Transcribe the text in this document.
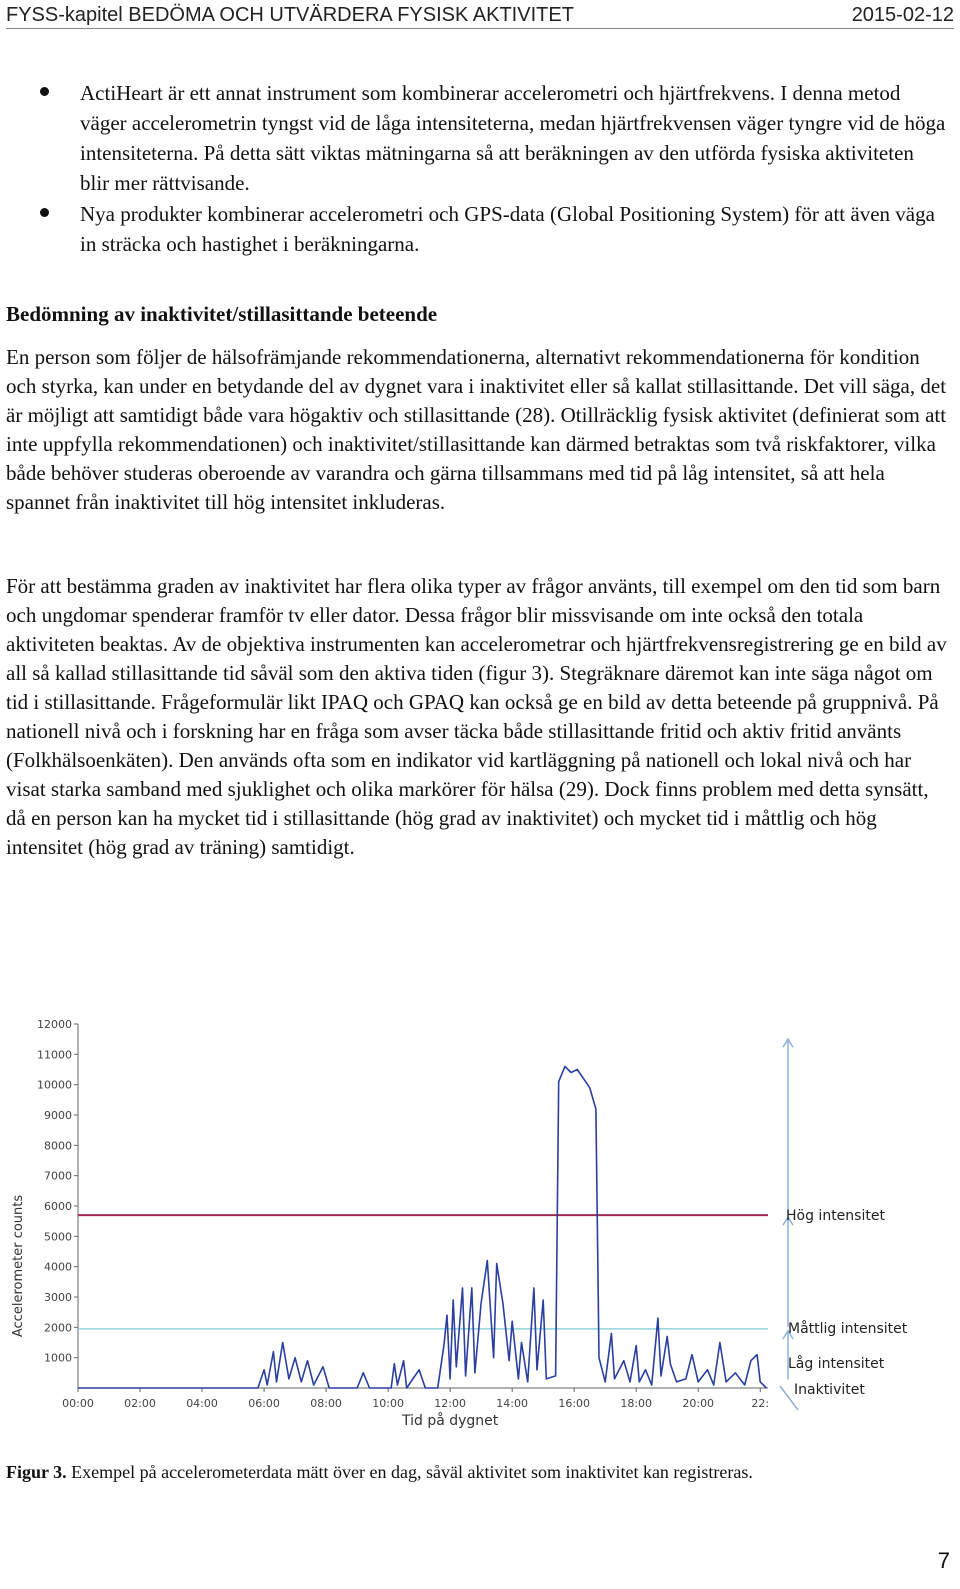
FYSS-kapitel BEDÖMA OCH UTVÄRDERA FYSISK AKTIVITET	2015-02-12
ActiHeart är ett annat instrument som kombinerar accelerometri och hjärtfrekvens. I denna metod väger accelerometrin tyngst vid de låga intensiteterna, medan hjärtfrekvensen väger tyngre vid de höga intensiteterna. På detta sätt viktas mätningarna så att beräkningen av den utförda fysiska aktiviteten blir mer rättvisande.
Nya produkter kombinerar accelerometri och GPS-data (Global Positioning System) för att även väga in sträcka och hastighet i beräkningarna.
Bedömning av inaktivitet/stillasittande beteende

En person som följer de hälsofrämjande rekommendationerna, alternativt rekommendationerna för kondition och styrka, kan under en betydande del av dygnet vara i inaktivitet eller så kallat stillasittande. Det vill säga, det är möjligt att samtidigt både vara högaktiv och stillasittande (28). Otillräcklig fysisk aktivitet (definierat som att inte uppfylla rekommendationen) och inaktivitet/stillasittande kan därmed betraktas som två riskfaktorer, vilka både behöver studeras oberoende av varandra och gärna tillsammans med tid på låg intensitet, så att hela spannet från inaktivitet till hög intensitet inkluderas.

För att bestämma graden av inaktivitet har flera olika typer av frågor använts, till exempel om den tid som barn och ungdomar spenderar framför tv eller dator. Dessa frågor blir missvisande om inte också den totala aktiviteten beaktas. Av de objektiva instrumenten kan accelerometrar och hjärtfrekvensregistrering ge en bild av all så kallad stillasittande tid såväl som den aktiva tiden (figur 3). Stegräknare däremot kan inte säga något om tid i stillasittande. Frågeformulär likt IPAQ och GPAQ kan också ge en bild av detta beteende på gruppnivå. På nationell nivå och i forskning har en fråga som avser täcka både stillasittande fritid och aktiv fritid använts (Folkhälsoenkäten). Den används ofta som en indikator vid kartläggning på nationell och lokal nivå och har visat starka samband med sjuklighet och olika markörer för hälsa (29). Dock finns problem med detta synsätt, då en person kan ha mycket tid i stillasittande (hög grad av inaktivitet) och mycket tid i måttlig och hög intensitet (hög grad av träning) samtidigt.

1000
2000
3000
4000
5000
6000
7000
8000
9000
10000
11000
12000
00:00	02:00	04:00	06:00	08:00	10:00	12:00	14:00	16:00	18:00	20:00	22:
Accelerometer counts
Tid på dygnet
Hög intensitet
Måttlig intensitet
Låg intensitet
Inaktivitet
Figur 3. Exempel på accelerometerdata mätt över en dag, såväl aktivitet som inaktivitet kan registreras.
7
